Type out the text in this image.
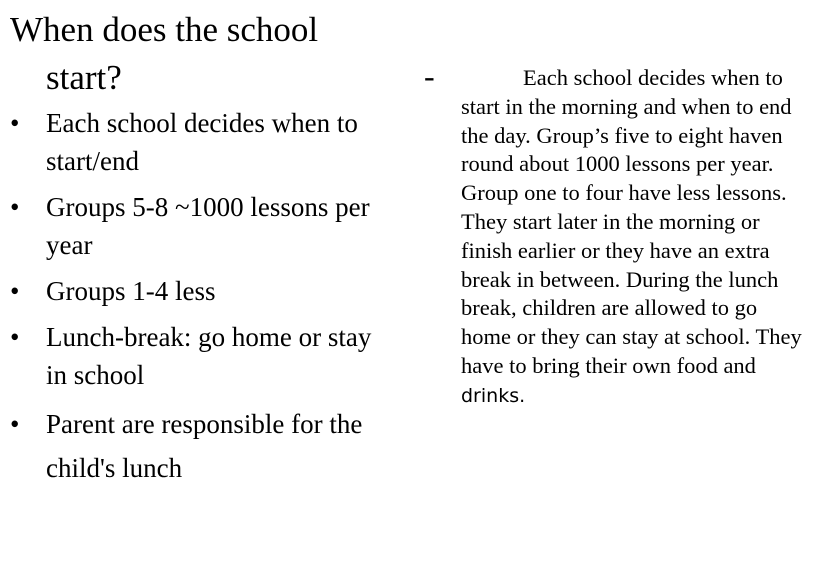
When does the school
start?
• Each school decides when to start/end
• Groups 5-8 ~1000 lessons per year
• Groups 1-4 less
• Lunch-break: go home or stay in school
• Parent are responsible for the child's lunch
-	Each school decides when to start in the morning and when to end the day. Group’s five to eight haven round about 1000 lessons per year. Group one to four have less lessons. They start later in the morning or finish earlier or they have an extra break in between. During the lunch break, children are allowed to go home or they can stay at school. They have to bring their own food and
drinks.
